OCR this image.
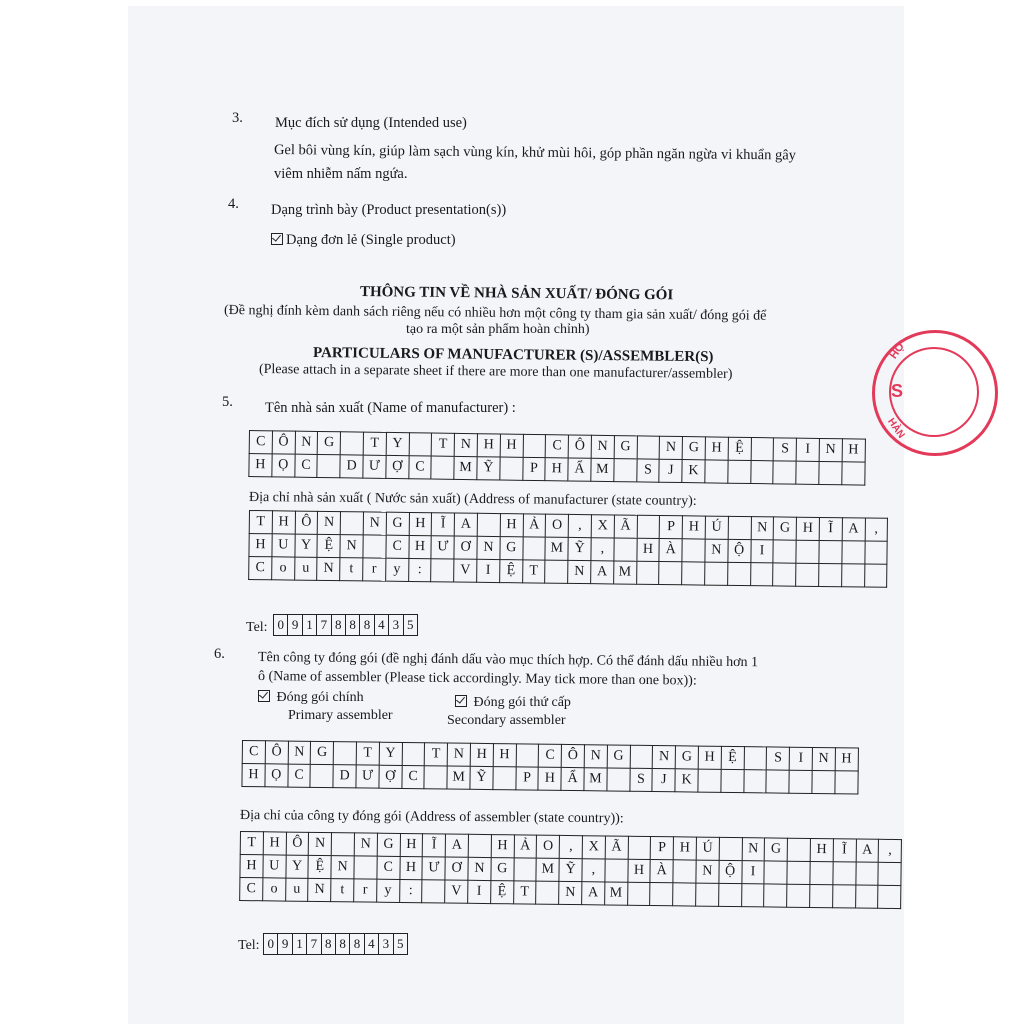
3. Mục đích sử dụng (Intended use)
Gel bôi vùng kín, giúp làm sạch vùng kín, khử mùi hôi, góp phần ngăn ngừa vi khuẩn gây
viêm nhiễm nấm ngứa.
4. Dạng trình bày (Product presentation(s))
Dạng đơn lẻ (Single product)
THÔNG TIN VỀ NHÀ SẢN XUẤT/ ĐÓNG GÓI
(Đề nghị đính kèm danh sách riêng nếu có nhiều hơn một công ty tham gia sản xuất/ đóng gói để
tạo ra một sản phẩm hoàn chỉnh)
PARTICULARS OF MANUFACTURER (S)/ASSEMBLER(S)
(Please attach in a separate sheet if there are more than one manufacturer/assembler)
5. Tên nhà sản xuất (Name of manufacturer) :
C	Ô	N	G		T	Y		T	N	H	H		C	Ô	N	G		N	G	H	Ệ		S	I	N	H
H	Ọ	C		D	Ư	Ợ	C		M	Ỹ		P	H	Ẩ	M		S	J	K							
Địa chỉ nhà sản xuất ( Nước sản xuất) (Address of manufacturer (state country):
T	H	Ô	N		N	G	H	Ĩ	A		H	Ả	O	,	X	Ã		P	H	Ú		N	G	H	Ĩ	A	,
H	U	Y	Ệ	N		C	H	Ư	Ơ	N	G		M	Ỹ	,		H	À		N	Ộ	I					
C	o	u	N	t	r	y	:		V	I	Ệ	T		N	A	M											
Tel: 0	9	1	7	8	8	8	4	3	5
6. Tên công ty đóng gói (đề nghị đánh dấu vào mục thích hợp. Có thể đánh dấu nhiều hơn 1
ô (Name of assembler (Please tick accordingly. May tick more than one box)):
Đóng gói chính
Primary assembler
Đóng gói thứ cấp
Secondary assembler
C	Ô	N	G		T	Y		T	N	H	H		C	Ô	N	G		N	G	H	Ệ		S	I	N	H
H	Ọ	C		D	Ư	Ợ	C		M	Ỹ		P	H	Ẩ	M		S	J	K							
Địa chỉ của công ty đóng gói (Address of assembler (state country)):
T	H	Ô	N		N	G	H	Ĩ	A		H	Ả	O	,	X	Ã		P	H	Ú		N	G		H	Ĩ	A	,
H	U	Y	Ệ	N		C	H	Ư	Ơ	N	G		M	Ỹ	,		H	À		N	Ộ	I						
C	o	u	N	t	r	y	:		V	I	Ệ	T		N	A	M												
Tel: 0	9	1	7	8	8	8	4	3	5
HỌ
S
HÀN
